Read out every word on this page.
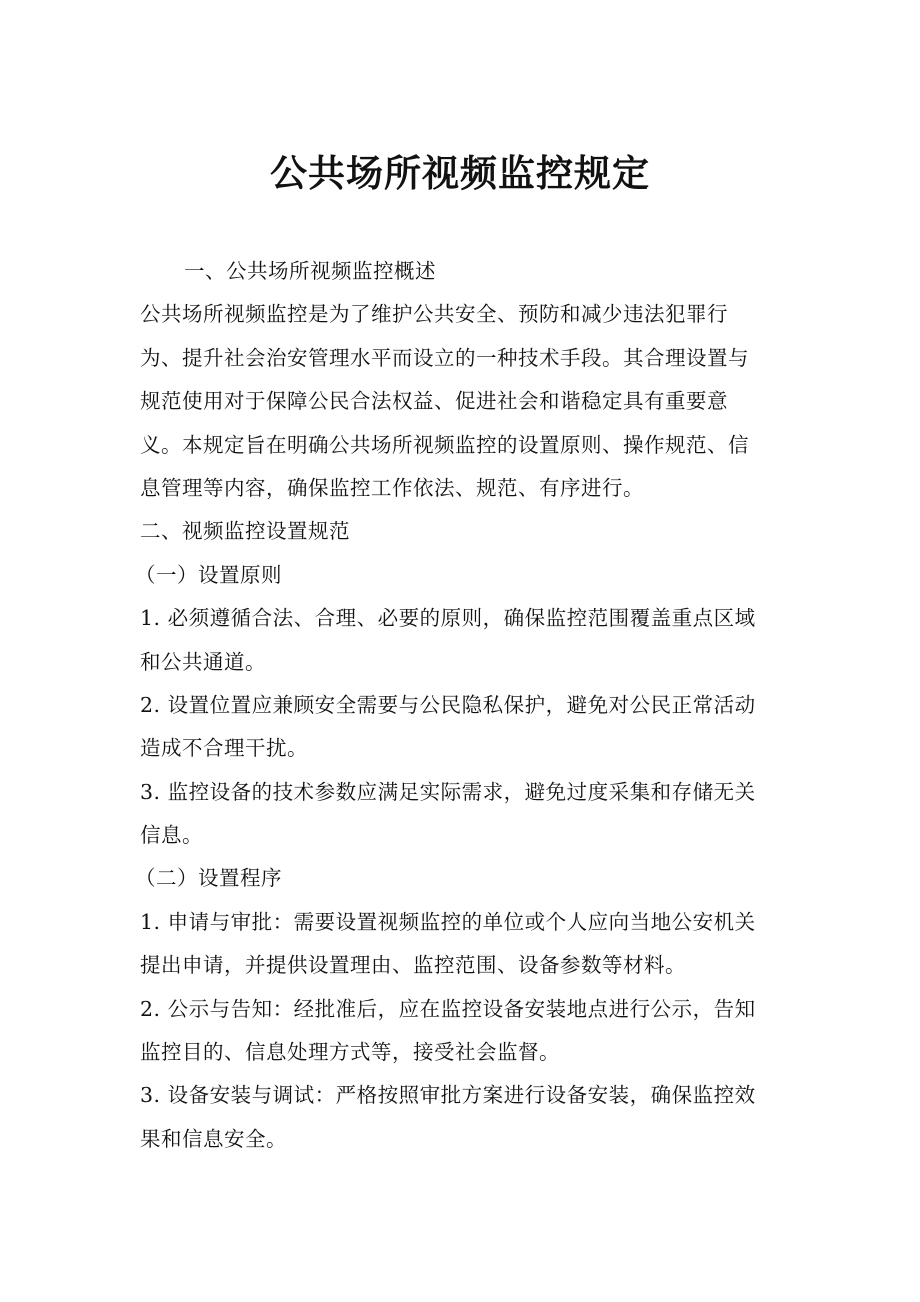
公共场所视频监控规定

一、公共场所视频监控概述

公共场所视频监控是为了维护公共安全、预防和减少违法犯罪行

为、提升社会治安管理水平而设立的一种技术手段。其合理设置与

规范使用对于保障公民合法权益、促进社会和谐稳定具有重要意

义。本规定旨在明确公共场所视频监控的设置原则、操作规范、信

息管理等内容，确保监控工作依法、规范、有序进行。

二、视频监控设置规范

（一）设置原则

1. 必须遵循合法、合理、必要的原则，确保监控范围覆盖重点区域

和公共通道。

2. 设置位置应兼顾安全需要与公民隐私保护，避免对公民正常活动

造成不合理干扰。

3. 监控设备的技术参数应满足实际需求，避免过度采集和存储无关

信息。

（二）设置程序

1. 申请与审批：需要设置视频监控的单位或个人应向当地公安机关

提出申请，并提供设置理由、监控范围、设备参数等材料。

2. 公示与告知：经批准后，应在监控设备安装地点进行公示，告知

监控目的、信息处理方式等，接受社会监督。

3. 设备安装与调试：严格按照审批方案进行设备安装，确保监控效

果和信息安全。
